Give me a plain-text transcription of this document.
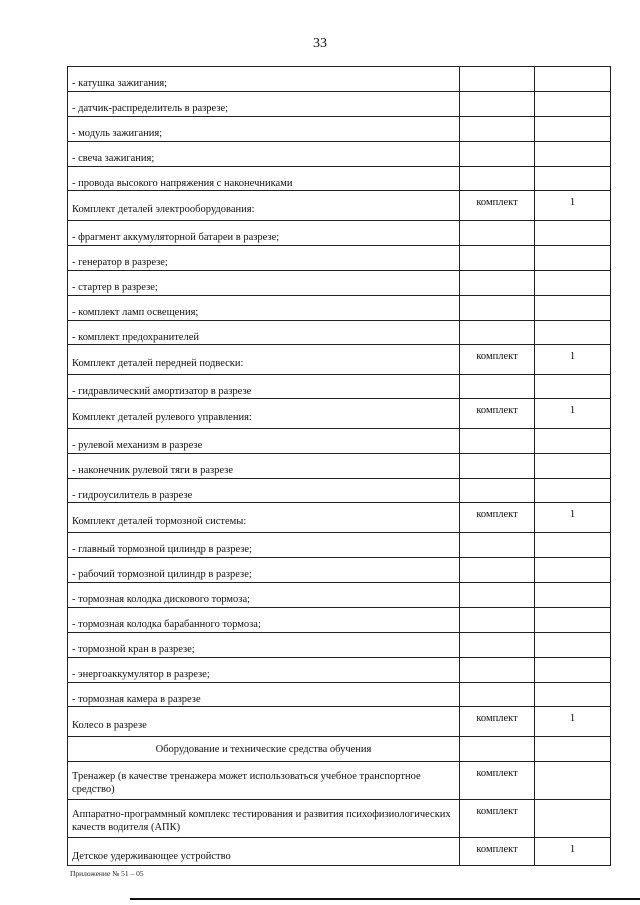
33
- катушка зажигания;		
- датчик-распределитель в разрезе;		
- модуль зажигания;		
- свеча зажигания;		
- провода высокого напряжения с наконечниками		
Комплект деталей электрооборудования:	комплект	1
- фрагмент аккумуляторной батареи в разрезе;		
- генератор в разрезе;		
- стартер в разрезе;		
- комплект ламп освещения;		
- комплект предохранителей		
Комплект деталей передней подвески:	комплект	1
- гидравлический амортизатор в разрезе		
Комплект деталей рулевого управления:	комплект	1
- рулевой механизм в разрезе		
- наконечник рулевой тяги в разрезе		
- гидроусилитель в разрезе		
Комплект деталей тормозной системы:	комплект	1
- главный тормозной цилиндр в разрезе;		
- рабочий тормозной цилиндр в разрезе;		
- тормозная колодка дискового тормоза;		
- тормозная колодка барабанного тормоза;		
- тормозной кран в разрезе;		
- энергоаккумулятор в разрезе;		
- тормозная камера в разрезе		
Колесо в разрезе	комплект	1
Оборудование и технические средства обучения		
Тренажер (в качестве тренажера может использоваться учебное транспортное средство)	комплект	
Аппаратно-программный комплекс тестирования и развития психофизиологических качеств водителя (АПК)	комплект	
Детское удерживающее устройство	комплект	1
Приложение № 51 – 05
